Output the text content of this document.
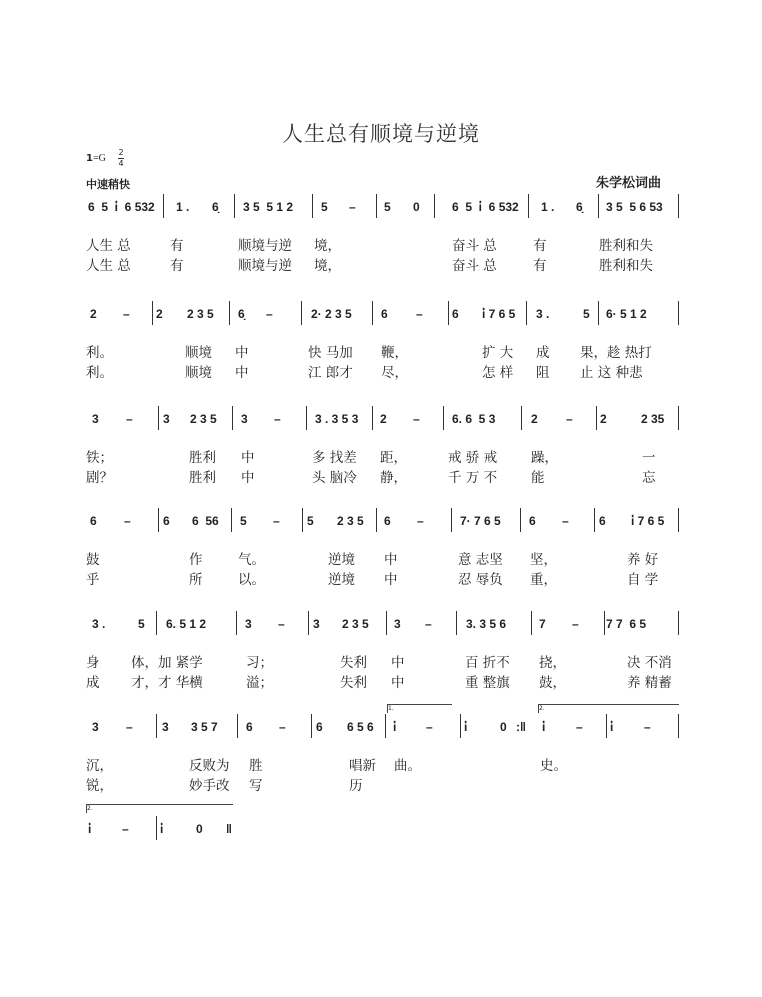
人生总有顺境与逆境
1=G
2
4
中速稍快	朱学松词曲
6  5  i̇  6 532 1 . 6̣ 3 5  5 1 2 5 – 5 0	6  5  i̇  6 532 1 . 6̣ 3 5  5 6 53
人生 总	有	顺境与逆 境，	奋斗 总	有	胜利和失
人生 总	有	顺境与逆 境，	奋斗 总	有	胜利和失
2 – 2 2 3 5 6̣ –	2· 2 3 5 6 – 6 i̇ 7 6 5 3 .	5 6· 5 1 2
利。	顺境 中	快 马加 鞭，	扩 大 成 果，趁 热打
利。	顺境 中	江 郎才 尽，	怎 样 阻 止 这 种悲
3 –	3 2 3 5 3 –	3 . 3 5 3 2 –	6. 6  5 3	2 – 2	2 35
铁；	胜利 中	多 找差 距，	戒 骄 戒	躁，	一
剧？	胜利 中	头 脑冷 静，	千 万 不	能	忘
6 –	6 6  56 5 – 5 2 3 5 6 –	7· 7 6 5 6 –	6 i̇ 7 6 5
鼓	作	气。	逆境 中	意 志坚 坚，	养 好
乎	所	以。	逆境 中	忍 辱负 重，	自 学
3 .	5 6. 5 1 2	3 – 3 2 3 5 3 –	3. 3 5 6	7 – 7 7  6 5
身 体，加 紧学	习；	失利 中	百 折不 挠，	决 不消
成 才，才 华横	溢；	失利 中	重 整旗 鼓，	养 精蓄
3 – 3 3 5 7 6 –	6 6 5 6 i̇ –	i̇	0 :‖ i̇	– i̇	–
沉，	反败为 胜	唱新 曲。	史。
锐，	妙手改 写	历
1.	2.
i̇	–	i̇	0 ‖
2.
